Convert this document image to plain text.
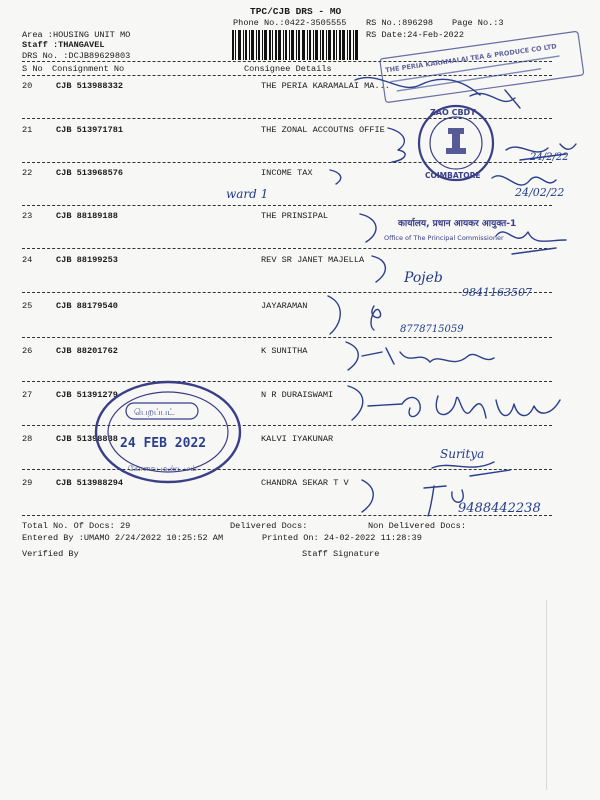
TPC/CJB DRS - MO
Phone No.:0422-3505555 RS No.:896298 Page No.:3
Area :HOUSING UNIT MO	RS Date:24-Feb-2022
Staff :THANGAVEL
DRS No. :DCJB89629803
S No Consignment No	Consignee Details
20	CJB 513988332	THE PERIA KARAMALAI MA...
21	CJB 513971781	THE ZONAL ACCOUTNS OFFIE
22	CJB 513968576	INCOME TAX
23	CJB 88189188	THE PRINSIPAL
24	CJB 88199253	REV SR JANET MAJELLA
25	CJB 88179540	JAYARAMAN
26	CJB 88201762	K SUNITHA
27	CJB 51391279	N R DURAISWAMI
28	CJB 51398838	KALVI IYAKUNAR
29	CJB 513988294	CHANDRA SEKAR T V
Total No. Of Docs: 29	Delivered Docs:	Non Delivered Docs:
Entered By :UMAMO 2/24/2022 10:25:52 AM	Printed On: 24-02-2022 11:28:39
Verified By	Staff Signature
THE PERIA KARAMALAI TEA & PRODUCE CO LTD
ZAO CBDT
COIMBATORE
24/2/22
ward 1	24/02/22
कार्यालय, प्रधान आयकर आयुक्त-1
Office of The Principal Commissioner
Pojeb
9841163507
8778715059
Suritya
9488442238
பெறப்பட்
24 FEB 2022
கோவை மண்டலம்
